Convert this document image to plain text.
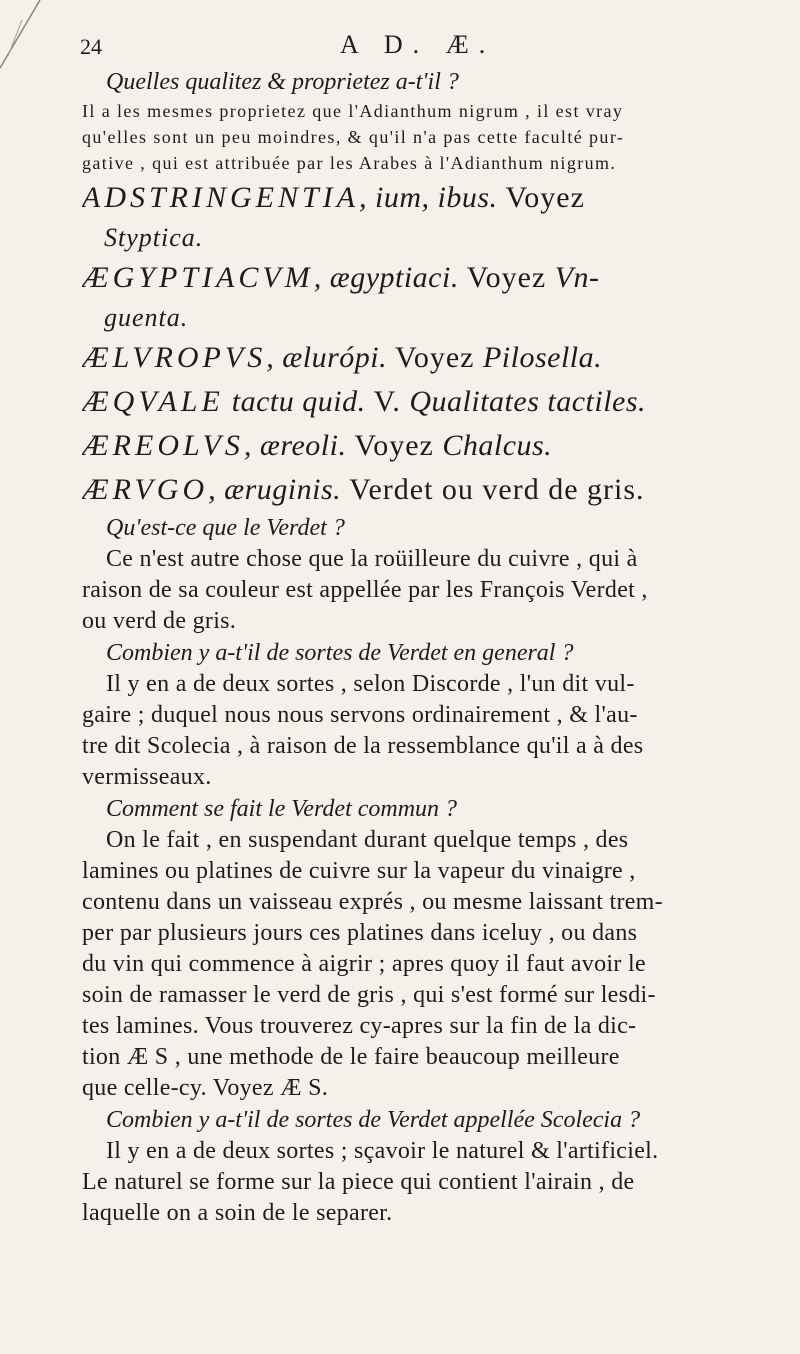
24	A D. Æ.

Quelles qualitez & proprietez a-t'il ?

Il a les mesmes proprietez que l'Adianthum nigrum , il est vray

qu'elles sont un peu moindres, & qu'il n'a pas cette faculté pur-

gative , qui est attribuée par les Arabes à l'Adianthum nigrum.

ADSTRINGENTIA, ium, ibus. Voyez

Styptica.

ÆGYPTIACVM, ægyptiaci. Voyez Vn-

guenta.

ÆLVROPVS, ælurópi. Voyez Pilosella.

ÆQVALE tactu quid. V. Qualitates tactiles.

ÆREOLVS, æreoli. Voyez Chalcus.

ÆRVGO, æruginis. Verdet ou verd de gris.

Qu'est-ce que le Verdet ?

Ce n'est autre chose que la roüilleure du cuivre , qui à

raison de sa couleur est appellée par les François Verdet ,

ou verd de gris.

Combien y a-t'il de sortes de Verdet en general ?

Il y en a de deux sortes , selon Discorde , l'un dit vul-

gaire ; duquel nous nous servons ordinairement , & l'au-

tre dit Scolecia , à raison de la ressemblance qu'il a à des

vermisseaux.

Comment se fait le Verdet commun ?

On le fait , en suspendant durant quelque temps , des

lamines ou platines de cuivre sur la vapeur du vinaigre ,

contenu dans un vaisseau exprés , ou mesme laissant trem-

per par plusieurs jours ces platines dans iceluy , ou dans

du vin qui commence à aigrir ; apres quoy il faut avoir le

soin de ramasser le verd de gris , qui s'est formé sur lesdi-

tes lamines. Vous trouverez cy-apres sur la fin de la dic-

tion Æ S , une methode de le faire beaucoup meilleure

que celle-cy. Voyez Æ S.

Combien y a-t'il de sortes de Verdet appellée Scolecia ?

Il y en a de deux sortes ; sçavoir le naturel & l'artificiel.

Le naturel se forme sur la piece qui contient l'airain , de

laquelle on a soin de le separer.
